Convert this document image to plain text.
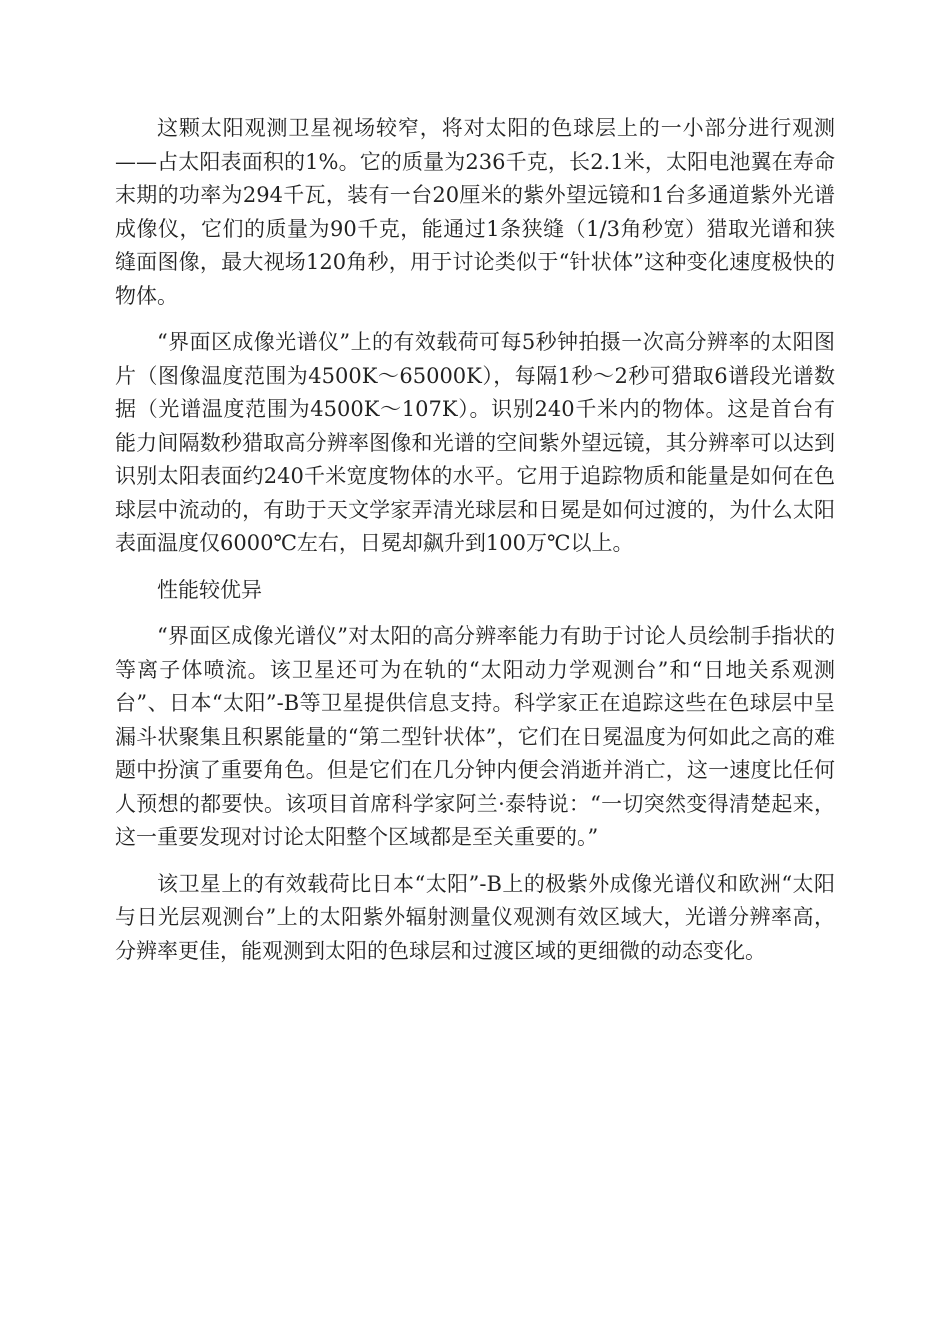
这颗太阳观测卫星视场较窄，将对太阳的色球层上的一小部分进行观测——占太阳表面积的1%。它的质量为236千克，长2.1米，太阳电池翼在寿命末期的功率为294千瓦，装有一台20厘米的紫外望远镜和1台多通道紫外光谱成像仪，它们的质量为90千克，能通过1条狭缝（1/3角秒宽）猎取光谱和狭缝面图像，最大视场120角秒，用于讨论类似于“针状体”这种变化速度极快的物体。

“界面区成像光谱仪”上的有效载荷可每5秒钟拍摄一次高分辨率的太阳图片（图像温度范围为4500K～65000K），每隔1秒～2秒可猎取6谱段光谱数据（光谱温度范围为4500K～107K）。识别240千米内的物体。这是首台有能力间隔数秒猎取高分辨率图像和光谱的空间紫外望远镜，其分辨率可以达到识别太阳表面约240千米宽度物体的水平。它用于追踪物质和能量是如何在色球层中流动的，有助于天文学家弄清光球层和日冕是如何过渡的，为什么太阳表面温度仅6000℃左右，日冕却飙升到100万℃以上。

性能较优异

“界面区成像光谱仪”对太阳的高分辨率能力有助于讨论人员绘制手指状的等离子体喷流。该卫星还可为在轨的“太阳动力学观测台”和“日地关系观测台”、日本“太阳”-B等卫星提供信息支持。科学家正在追踪这些在色球层中呈漏斗状聚集且积累能量的“第二型针状体”，它们在日冕温度为何如此之高的难题中扮演了重要角色。但是它们在几分钟内便会消逝并消亡，这一速度比任何人预想的都要快。该项目首席科学家阿兰·泰特说：“一切突然变得清楚起来，这一重要发现对讨论太阳整个区域都是至关重要的。”

该卫星上的有效载荷比日本“太阳”-B上的极紫外成像光谱仪和欧洲“太阳与日光层观测台”上的太阳紫外辐射测量仪观测有效区域大，光谱分辨率高，分辨率更佳，能观测到太阳的色球层和过渡区域的更细微的动态变化。
